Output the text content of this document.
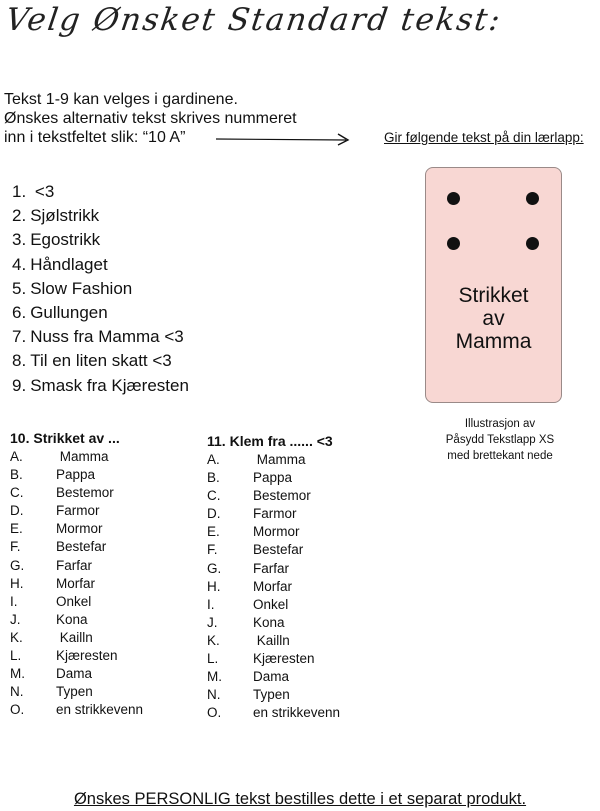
Velg Ønsket Standard tekst:
Tekst 1-9 kan velges i gardinene.
Ønskes alternativ tekst skrives nummeret
inn i tekstfeltet slik: “10 A”	Gir følgende tekst på din lærlapp:
1. <3
2. Sjølstrikk
3. Egostrikk
4. Håndlaget
5. Slow Fashion
6. Gullungen
7. Nuss fra Mamma <3
8. Til en liten skatt <3
9. Smask fra Kjæresten
Strikket
av
Mamma
Illustrasjon av
Påsydd Tekstlapp XS
med brettekant nede
10. Strikket av ...
A.	Mamma
B.	Pappa
C.	Bestemor
D.	Farmor
E.	Mormor
F.	Bestefar
G.	Farfar
H.	Morfar
I.	Onkel
J.	Kona
K.	Kailln
L.	Kjæresten
M.	Dama
N.	Typen
O.	en strikkevenn
11. Klem fra ...... <3
A.	Mamma
B.	Pappa
C.	Bestemor
D.	Farmor
E.	Mormor
F.	Bestefar
G.	Farfar
H.	Morfar
I.	Onkel
J.	Kona
K.	Kailln
L.	Kjæresten
M.	Dama
N.	Typen
O.	en strikkevenn
Ønskes PERSONLIG tekst bestilles dette i et separat produkt.
